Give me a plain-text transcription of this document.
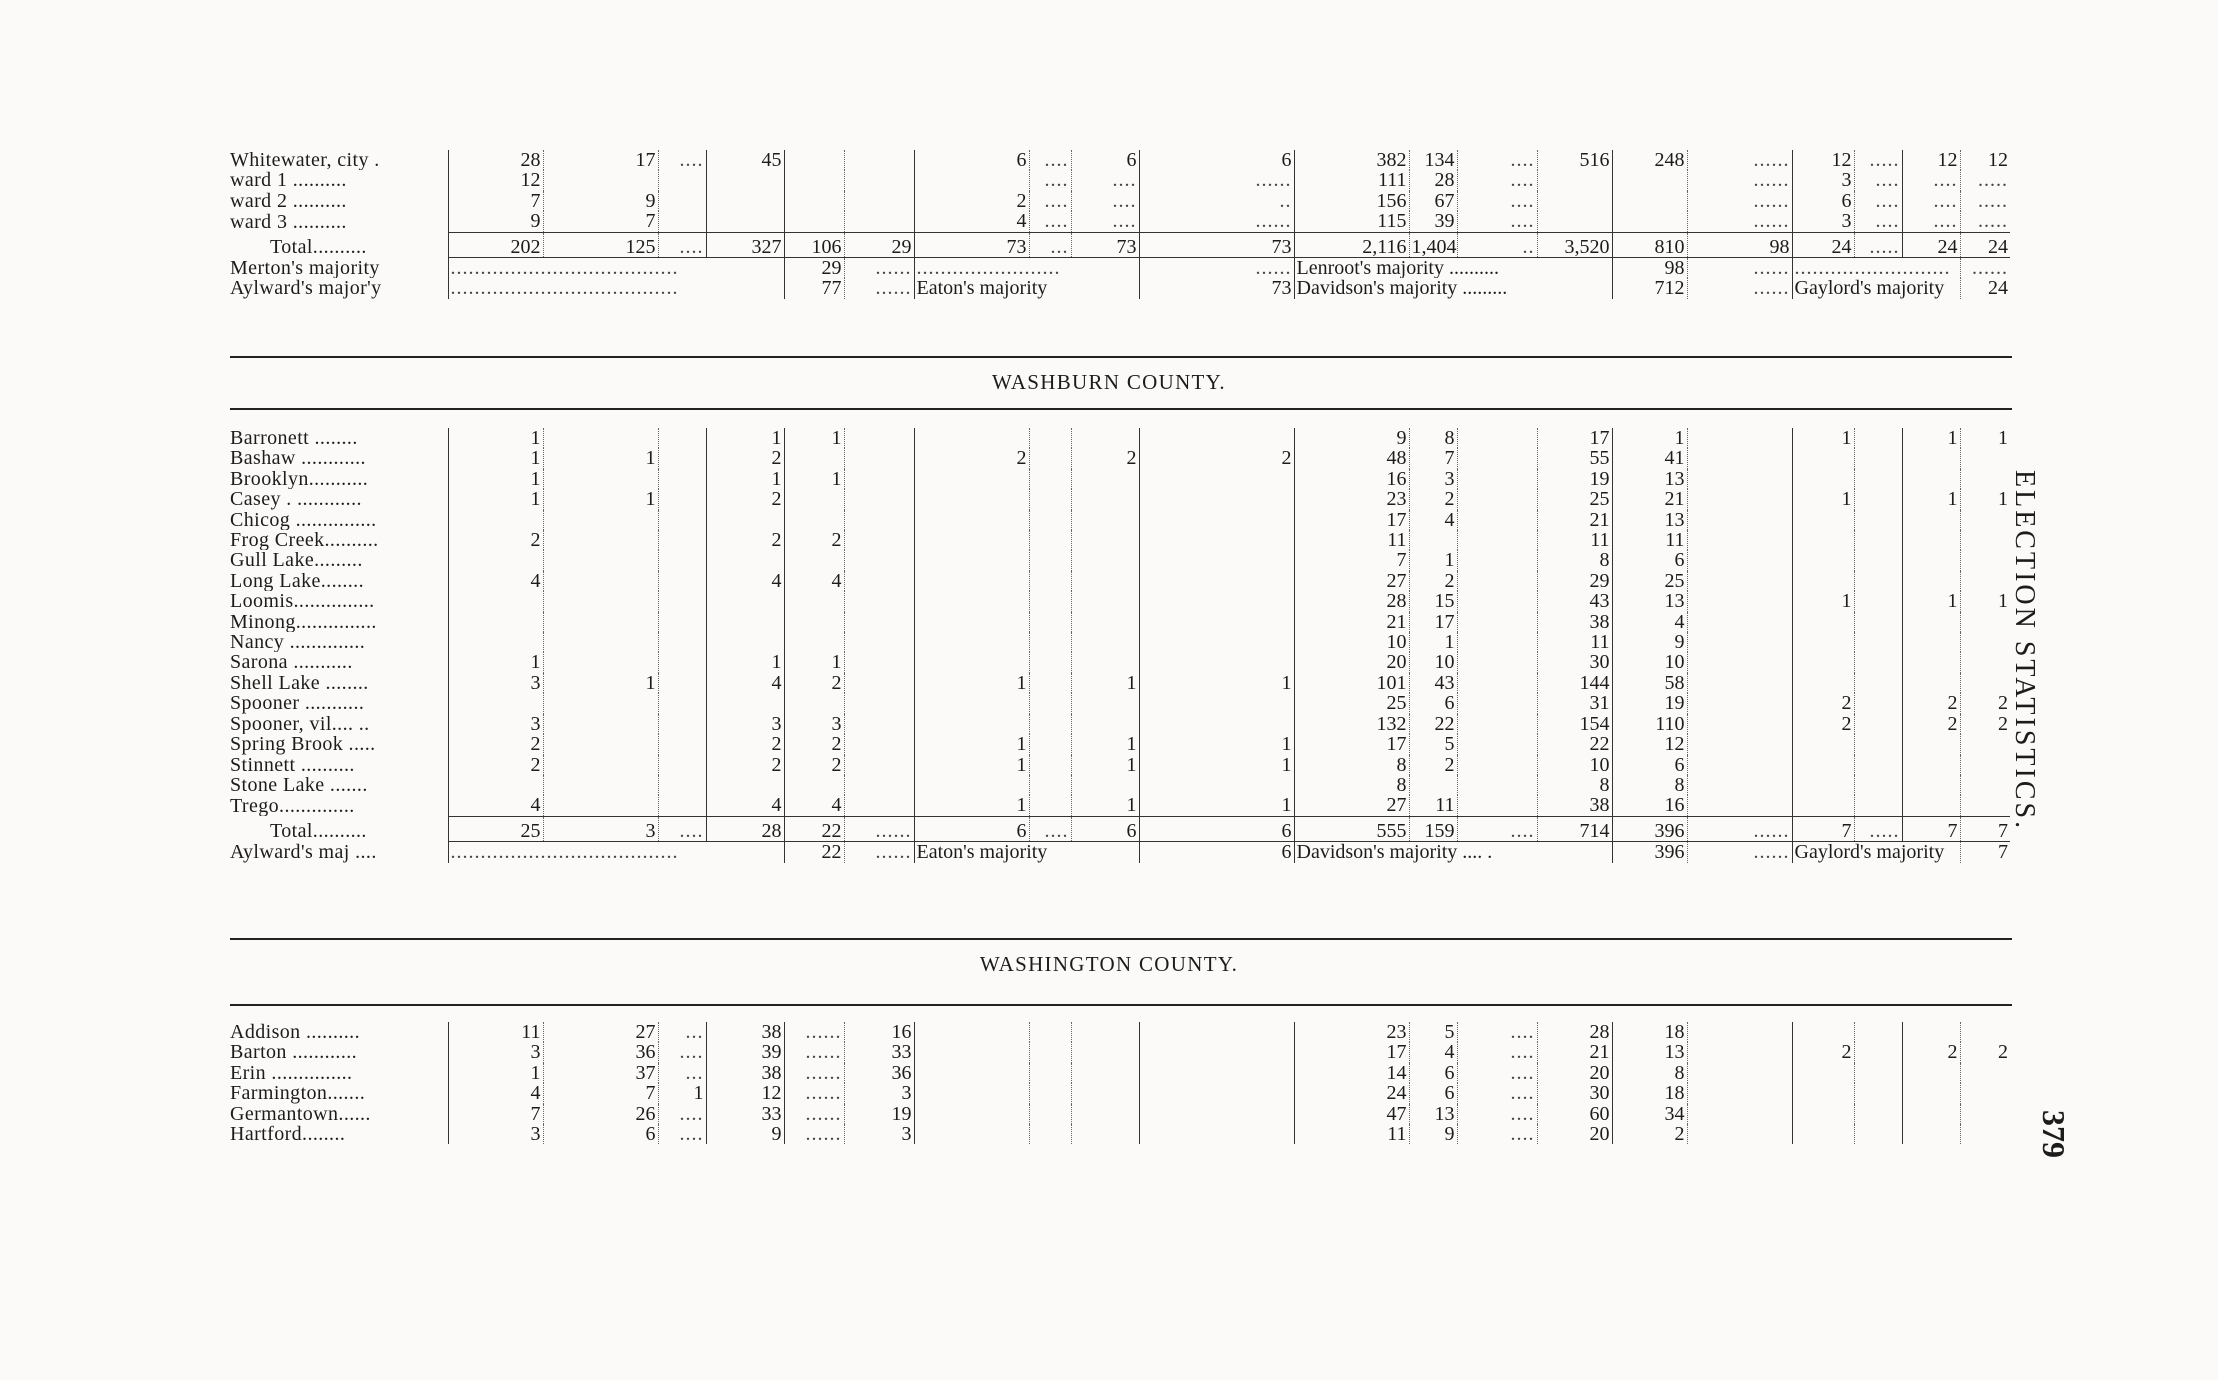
Whitewater, city .	28	17	....	45			6	....	6	6	382	134	....	516	248	......	12	.....	12	12
ward 1 ..........	12							....	....	......	111	28	....			......	3	....	....	.....
ward 2 ..........	7	9					2	....	....	..	156	67	....			......	6	....	....	.....
ward 3 ..........	9	7					4	....	....	......	115	39	....			......	3	....	....	.....
Total..........	202	125	....	327	106	29	73	...	73	73	2,116	1,404	..	3,520	810	98	24	.....	24	24
Merton's majority	......................................				29	......	........................			......	Lenroot's majority ..........				98	......	..........................			......
Aylward's major'y	......................................				77	......	Eaton's majority			73	Davidson's majority .........				712	......	Gaylord's majority			24
WASHBURN COUNTY.
Barronett ........	1			1	1						9	8		17	1		1		1	1
Bashaw ............	1	1		2			2		2	2	48	7		55	41					
Brooklyn...........	1			1	1						16	3		19	13					
Casey . ............	1	1		2							23	2		25	21		1		1	1
Chicog ...............											17	4		21	13					
Frog Creek..........	2			2	2						11			11	11					
Gull Lake.........											7	1		8	6					
Long Lake........	4			4	4						27	2		29	25					
Loomis...............											28	15		43	13		1		1	1
Minong...............											21	17		38	4					
Nancy ..............											10	1		11	9					
Sarona ...........	1			1	1						20	10		30	10					
Shell Lake ........	3	1		4	2		1		1	1	101	43		144	58					
Spooner ...........											25	6		31	19		2		2	2
Spooner, vil.... ..	3			3	3						132	22		154	110		2		2	2
Spring Brook .....	2			2	2		1		1	1	17	5		22	12					
Stinnett ..........	2			2	2		1		1	1	8	2		10	6					
Stone Lake .......											8			8	8					
Trego..............	4			4	4		1		1	1	27	11		38	16					
Total..........	25	3	....	28	22	......	6	....	6	6	555	159	....	714	396	......	7	.....	7	7
Aylward's maj ....	......................................				22	......	Eaton's majority			6	Davidson's majority .... .				396	......	Gaylord's majority			7
WASHINGTON COUNTY.
Addison ..........	11	27	...	38	......	16					23	5	....	28	18					
Barton ............	3	36	....	39	......	33					17	4	....	21	13		2		2	2
Erin ...............	1	37	...	38	......	36					14	6	....	20	8					
Farmington.......	4	7	1	12	......	3					24	6	....	30	18					
Germantown......	7	26	....	33	......	19					47	13	....	60	34					
Hartford........	3	6	....	9	......	3					11	9	....	20	2					
ELECTION STATISTICS.
379
